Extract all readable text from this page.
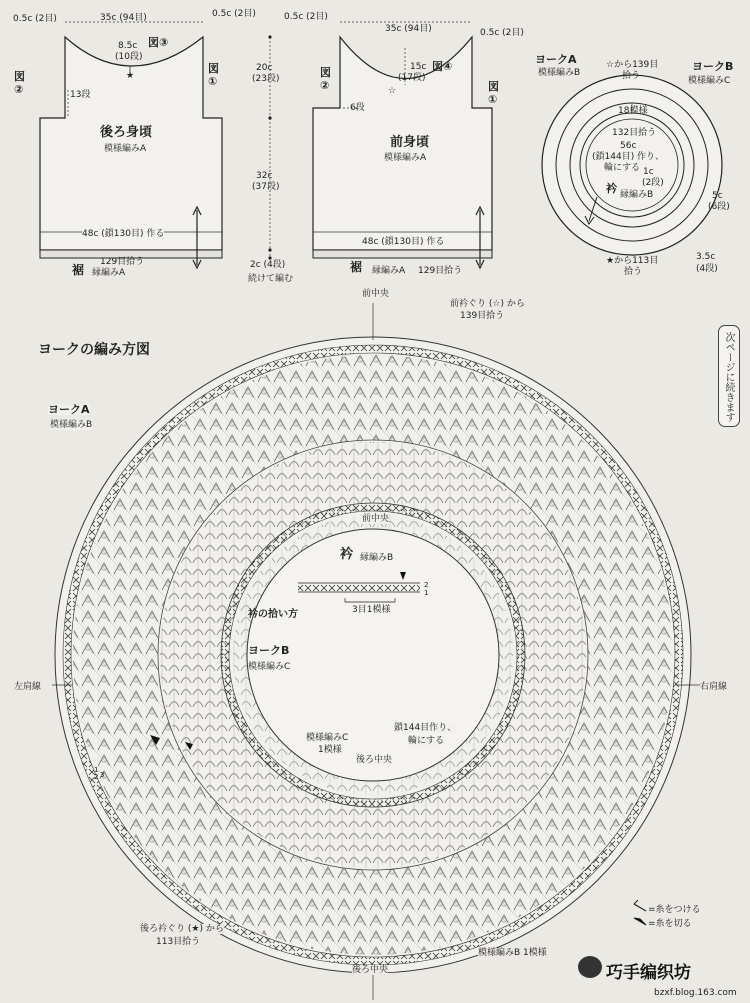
★
☆
0.5c (2目)	35c (94目)	0.5c (2目)
8.5c 図③
(10段)
図②
図①
13段
後ろ身頃
模様編みA
48c (鎖130目) 作る
129目拾う
裾 縁編みA
20c
(23段)
32c
(37段)
2c (4段)
続けて編む
0.5c (2目)
35c (94目)	0.5c (2目)
15c 図④
(17段)
図②	図①
6段
前身頃
模様編みA
48c (鎖130目) 作る
裾 縁編みA 129目拾う
ヨークA
模様編みB
☆から139目
拾う
ヨークB
模様編みC
18模様
132目拾う
56c
(鎖144目) 作り、
輪にする
衿 縁編みB
1c
(2段)
5c
(6段)
3.5c
(4段)
★から113目
拾う
ヨークの編み方図
前中央
前衿ぐり (☆) から
139目拾う
ヨークA
模様編みB
前中央
衿 縁編みB
2
1
3目1模様
衿の拾い方
ヨークB
模様編みC
左肩線	右肩線
模様編みC
1模様
鎖144目作り、
輪にする
後ろ中央
1
2 3
後ろ衿ぐり (★) から
113目拾う
模様編みB 1模様
後ろ中央
=糸をつける
=糸を切る
次ページに続きます
巧手编织坊
bzxf.blog.163.com
